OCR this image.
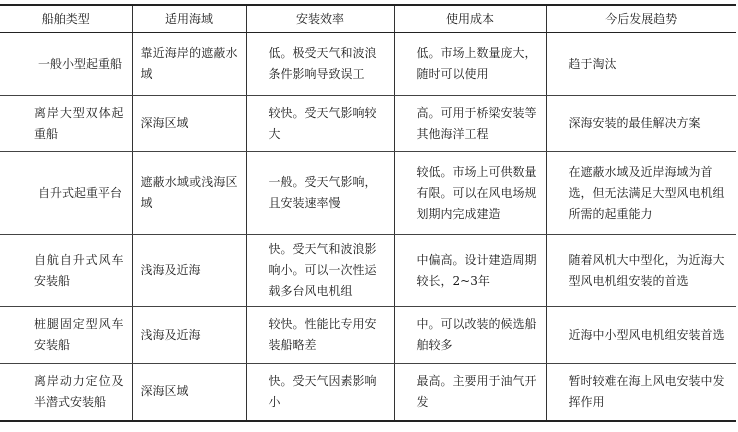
船舶类型	适用海域	安装效率	使用成本	今后发展趋势
一般小型起重船	靠近海岸的遮蔽水域	低。极受天气和波浪条件影响导致误工	低。市场上数量庞大，随时可以使用	趋于淘汰
离岸大型双体起重船	深海区域	较快。受天气影响较大	高。可用于桥梁安装等其他海洋工程	深海安装的最佳解决方案
自升式起重平台	遮蔽水域或浅海区域	一般。受天气影响，且安装速率慢	较低。市场上可供数量有限。可以在风电场规划期内完成建造	在遮蔽水域及近岸海域为首选，但无法满足大型风电机组所需的起重能力
自航自升式风车安装船	浅海及近海	快。受天气和波浪影响小。可以一次性运载多台风电机组	中偏高。设计建造周期较长，2~3年	随着风机大中型化，为近海大型风电机组安装的首选
桩腿固定型风车安装船	浅海及近海	较快。性能比专用安装船略差	中。可以改装的候选船舶较多	近海中小型风电机组安装首选
离岸动力定位及半潜式安装船	深海区域	快。受天气因素影响小	最高。主要用于油气开发	暂时较难在海上风电安装中发挥作用
